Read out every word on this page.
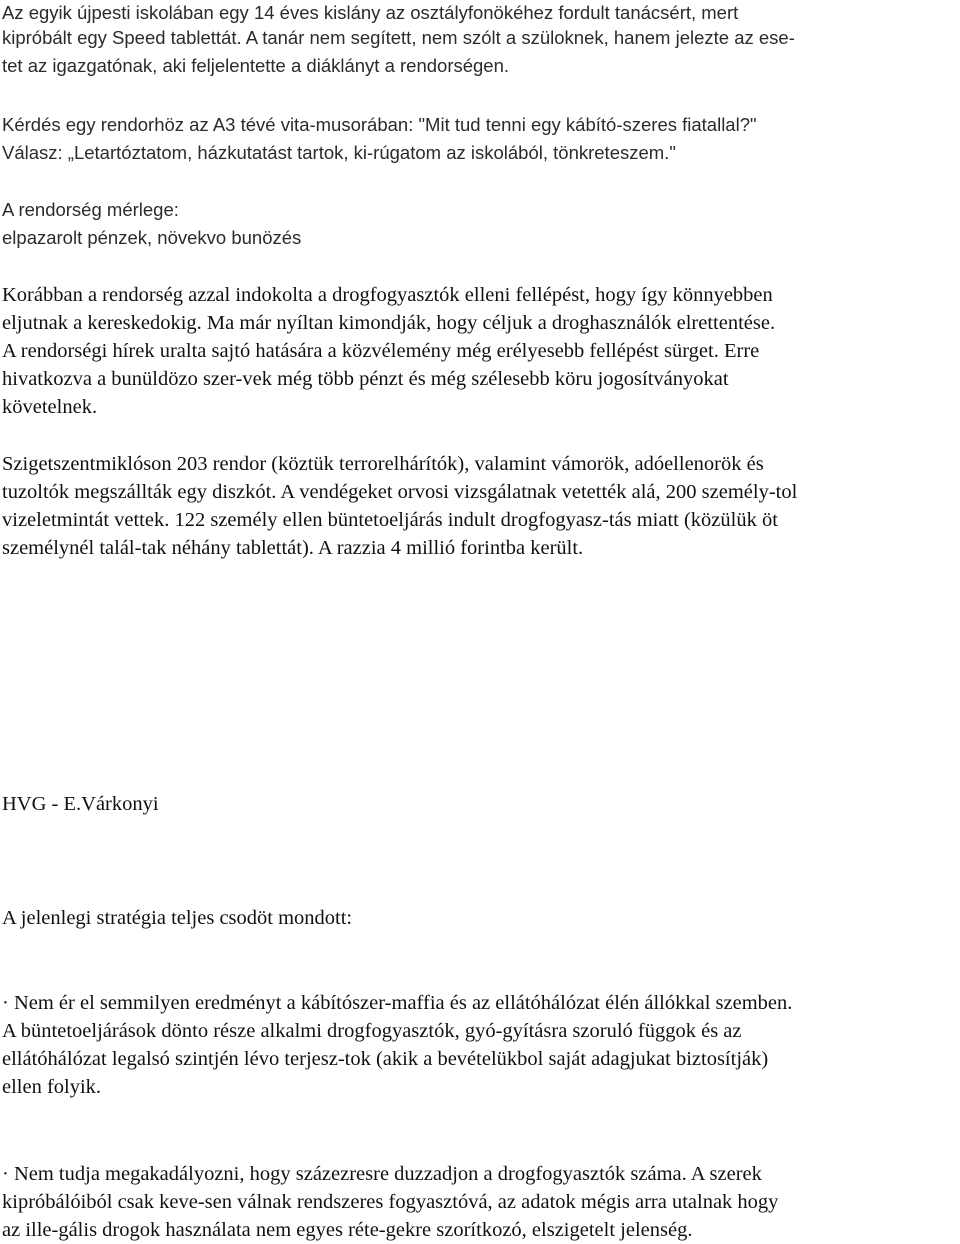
Az egyik újpesti iskolában egy 14 éves kislány az osztályfonökéhez fordult tanácsért, mert
kipróbált egy Speed tablettát. A tanár nem segített, nem szólt a szüloknek, hanem jelezte az ese-
tet az igazgatónak, aki feljelentette a diáklányt a rendorségen.
Kérdés egy rendorhöz az A3 tévé vita-musorában: "Mit tud tenni egy kábító-szeres fiatallal?"
Válasz: „Letartóztatom, házkutatást tartok, ki-rúgatom az iskolából, tönkreteszem."
A rendorség mérlege:
elpazarolt pénzek, növekvo bunözés
Korábban a rendorség azzal indokolta a drogfogyasztók elleni fellépést, hogy így könnyebben
eljutnak a kereskedokig. Ma már nyíltan kimondják, hogy céljuk a droghasználók elrettentése.
A rendorségi hírek uralta sajtó hatására a közvélemény még erélyesebb fellépést sürget. Erre
hivatkozva a bunüldözo szer-vek még több pénzt és még szélesebb köru jogosítványokat
követelnek.
Szigetszentmiklóson 203 rendor (köztük terrorelhárítók), valamint vámorök, adóellenorök és
tuzoltók megszállták egy diszkót. A vendégeket orvosi vizsgálatnak vetették alá, 200 személy-tol
vizeletmintát vettek. 122 személy ellen büntetoeljárás indult drogfogyasz-tás miatt (közülük öt
személynél talál-tak néhány tablettát). A razzia 4 millió forintba került.
HVG - E.Várkonyi
A jelenlegi stratégia teljes csodöt mondott:
· Nem ér el semmilyen eredményt a kábítószer-maffia és az ellátóhálózat élén állókkal szemben.
A büntetoeljárások dönto része alkalmi drogfogyasztók, gyó-gyításra szoruló függok és az
ellátóhálózat legalsó szintjén lévo terjesz-tok (akik a bevételükbol saját adagjukat biztosítják)
ellen folyik.
· Nem tudja megakadályozni, hogy százezresre duzzadjon a drogfogyasztók száma. A szerek
kipróbálóiból csak keve-sen válnak rendszeres fogyasztóvá, az adatok mégis arra utalnak hogy
az ille-gális drogok használata nem egyes réte-gekre szorítkozó, elszigetelt jelenség.
